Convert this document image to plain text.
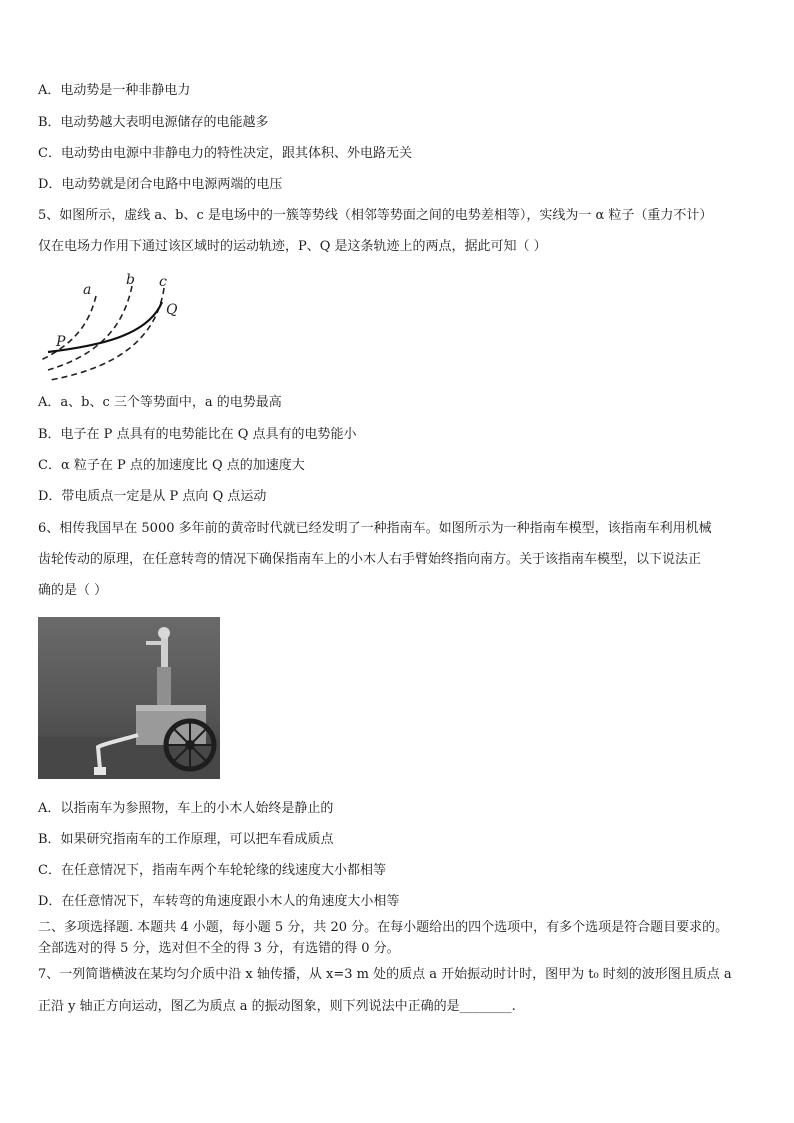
A．电动势是一种非静电力
B．电动势越大表明电源储存的电能越多
C．电动势由电源中非静电力的特性决定，跟其体积、外电路无关
D．电动势就是闭合电路中电源两端的电压
5、如图所示，虚线 a、b、c 是电场中的一簇等势线（相邻等势面之间的电势差相等），实线为一 α 粒子（重力不计）
仅在电场力作用下通过该区域时的运动轨迹，P、Q 是这条轨迹上的两点，据此可知（ ）
a
b c
P
Q
A．a、b、c 三个等势面中，a 的电势最高
B．电子在 P 点具有的电势能比在 Q 点具有的电势能小
C．α 粒子在 P 点的加速度比 Q 点的加速度大
D．带电质点一定是从 P 点向 Q 点运动
6、相传我国早在 5000 多年前的黄帝时代就已经发明了一种指南车。如图所示为一种指南车模型，该指南车利用机械
齿轮传动的原理，在任意转弯的情况下确保指南车上的小木人右手臂始终指向南方。关于该指南车模型，以下说法正
确的是（ ）
A．以指南车为参照物，车上的小木人始终是静止的
B．如果研究指南车的工作原理，可以把车看成质点
C．在任意情况下，指南车两个车轮轮缘的线速度大小都相等
D．在任意情况下，车转弯的角速度跟小木人的角速度大小相等
二、多项选择题. 本题共 4 小题，每小题 5 分，共 20 分。在每小题给出的四个选项中，有多个选项是符合题目要求的。
全部选对的得 5 分，选对但不全的得 3 分，有选错的得 0 分。
7、一列简谐横波在某均匀介质中沿 x 轴传播，从 x=3 m 处的质点 a 开始振动时计时，图甲为 t₀ 时刻的波形图且质点 a
正沿 y 轴正方向运动，图乙为质点 a 的振动图象，则下列说法中正确的是________.
